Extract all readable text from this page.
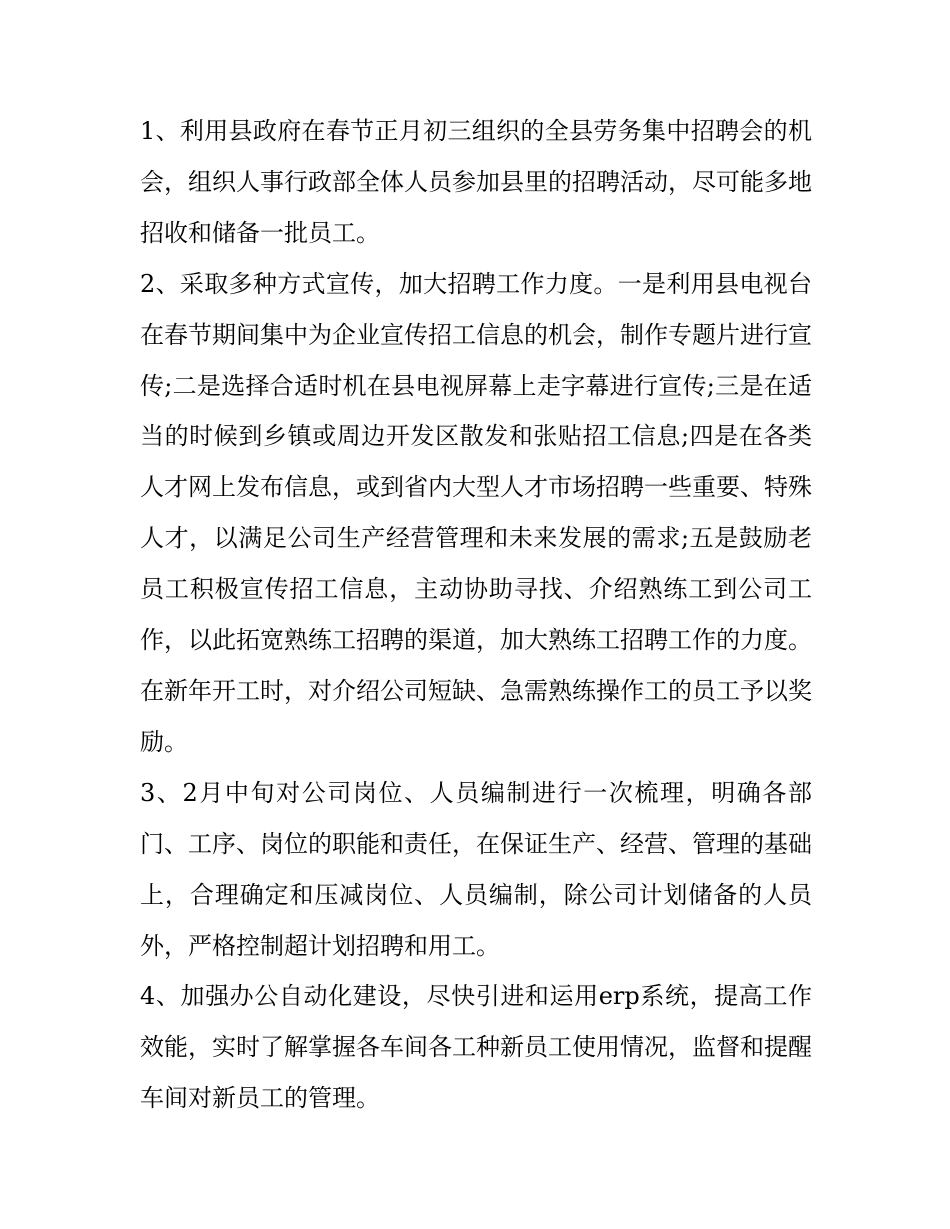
1、利用县政府在春节正月初三组织的全县劳务集中招聘会的机会，组织人事行政部全体人员参加县里的招聘活动，尽可能多地招收和储备一批员工。

2、采取多种方式宣传，加大招聘工作力度。一是利用县电视台在春节期间集中为企业宣传招工信息的机会，制作专题片进行宣传;二是选择合适时机在县电视屏幕上走字幕进行宣传;三是在适当的时候到乡镇或周边开发区散发和张贴招工信息;四是在各类人才网上发布信息，或到省内大型人才市场招聘一些重要、特殊人才，以满足公司生产经营管理和未来发展的需求;五是鼓励老员工积极宣传招工信息，主动协助寻找、介绍熟练工到公司工作，以此拓宽熟练工招聘的渠道，加大熟练工招聘工作的力度。在新年开工时，对介绍公司短缺、急需熟练操作工的员工予以奖励。

3、2月中旬对公司岗位、人员编制进行一次梳理，明确各部门、工序、岗位的职能和责任，在保证生产、经营、管理的基础上，合理确定和压减岗位、人员编制，除公司计划储备的人员外，严格控制超计划招聘和用工。

4、加强办公自动化建设，尽快引进和运用erp系统，提高工作效能，实时了解掌握各车间各工种新员工使用情况，监督和提醒车间对新员工的管理。
